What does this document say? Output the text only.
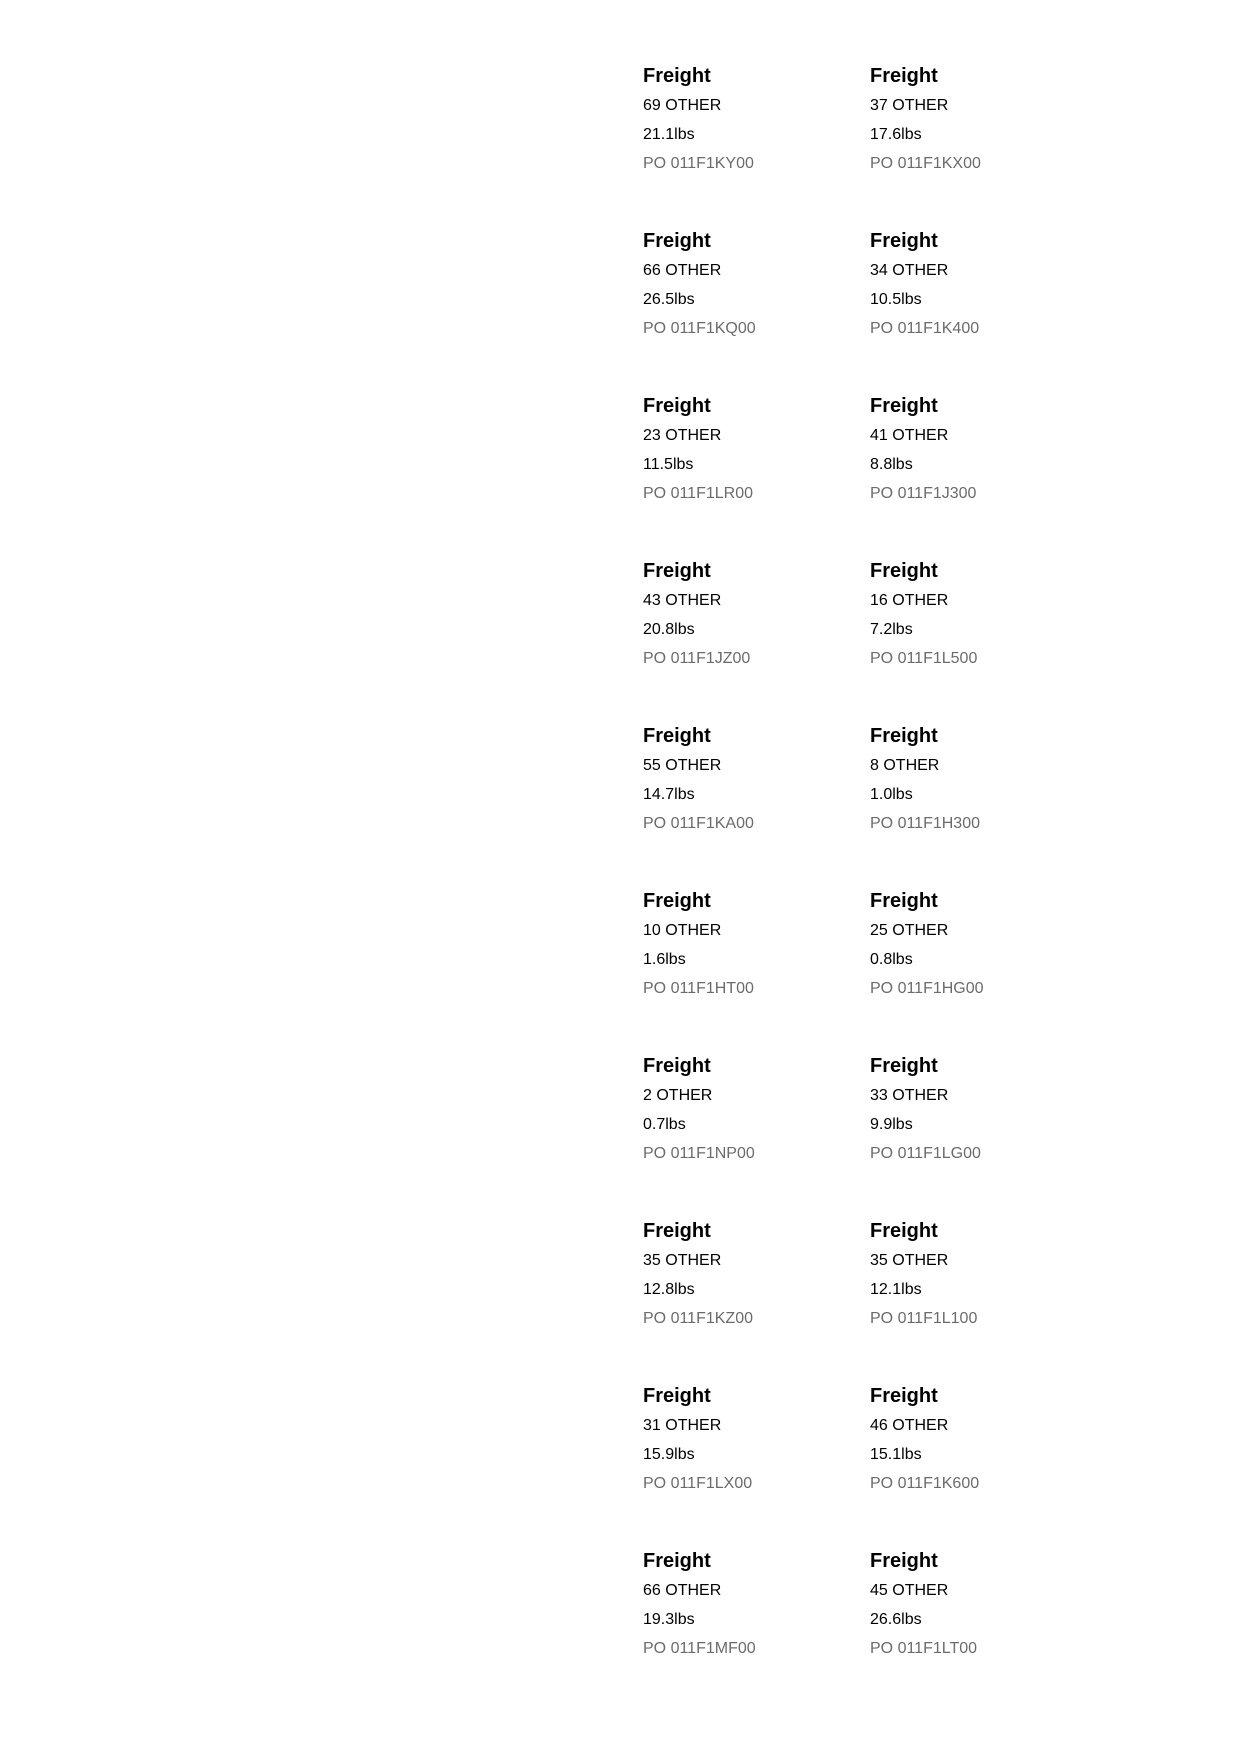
Freight
69 OTHER
21.1lbs
PO 011F1KY00
Freight
37 OTHER
17.6lbs
PO 011F1KX00
Freight
66 OTHER
26.5lbs
PO 011F1KQ00
Freight
34 OTHER
10.5lbs
PO 011F1K400
Freight
23 OTHER
11.5lbs
PO 011F1LR00
Freight
41 OTHER
8.8lbs
PO 011F1J300
Freight
43 OTHER
20.8lbs
PO 011F1JZ00
Freight
16 OTHER
7.2lbs
PO 011F1L500
Freight
55 OTHER
14.7lbs
PO 011F1KA00
Freight
8 OTHER
1.0lbs
PO 011F1H300
Freight
10 OTHER
1.6lbs
PO 011F1HT00
Freight
25 OTHER
0.8lbs
PO 011F1HG00
Freight
2 OTHER
0.7lbs
PO 011F1NP00
Freight
33 OTHER
9.9lbs
PO 011F1LG00
Freight
35 OTHER
12.8lbs
PO 011F1KZ00
Freight
35 OTHER
12.1lbs
PO 011F1L100
Freight
31 OTHER
15.9lbs
PO 011F1LX00
Freight
46 OTHER
15.1lbs
PO 011F1K600
Freight
66 OTHER
19.3lbs
PO 011F1MF00
Freight
45 OTHER
26.6lbs
PO 011F1LT00
